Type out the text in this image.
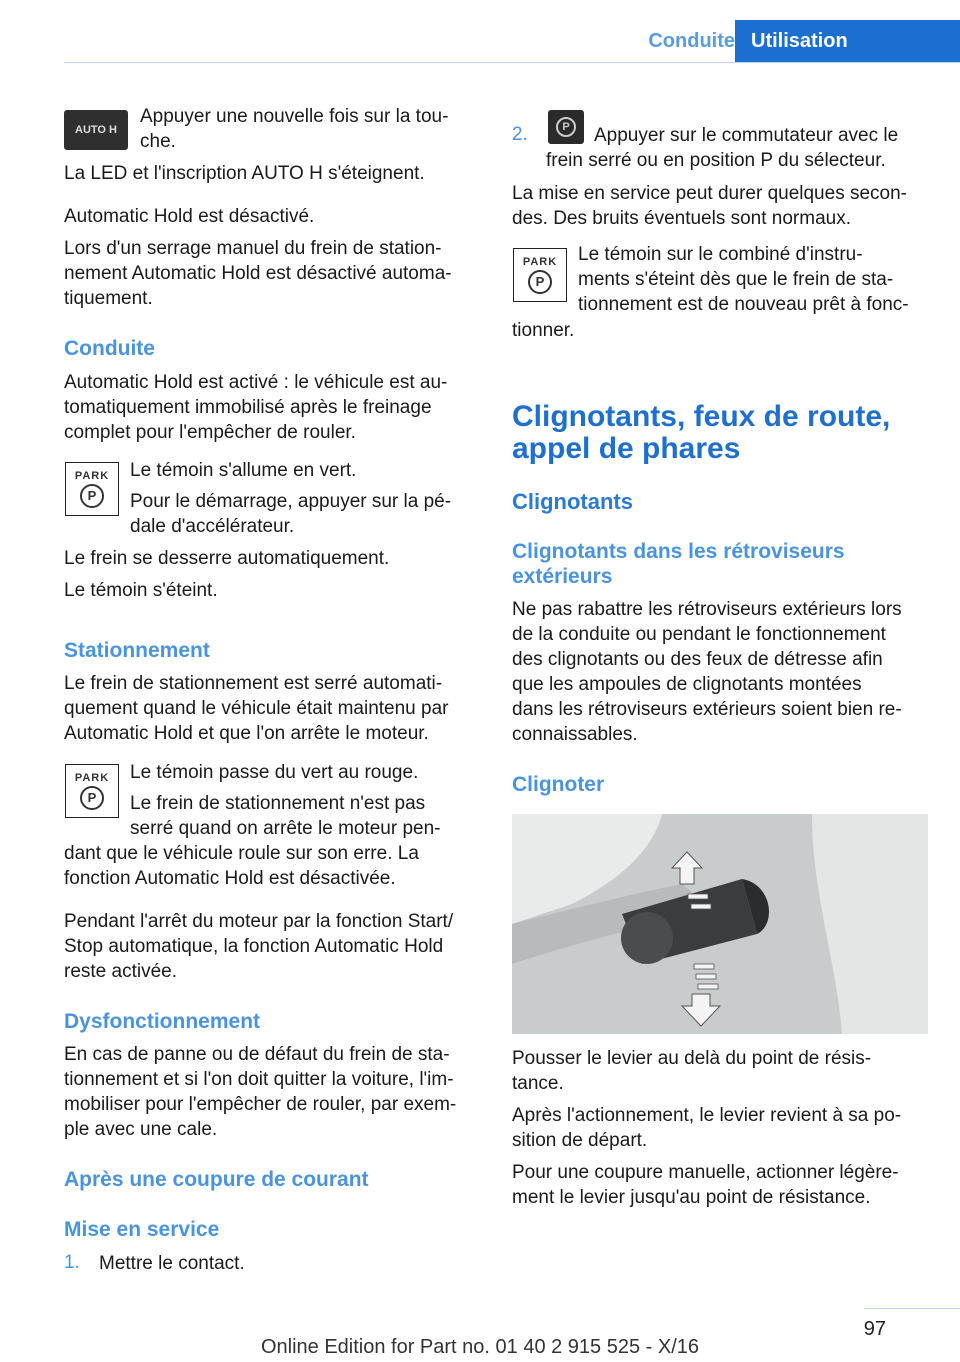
Conduite Utilisation
AUTO H

Appuyer une nouvelle fois sur la tou‐

che.

La LED et l'inscription AUTO H s'éteignent.

Automatic Hold est désactivé.

Lors d'un serrage manuel du frein de station‐

nement Automatic Hold est désactivé automa‐

tiquement.

Conduite

Automatic Hold est activé : le véhicule est au‐

tomatiquement immobilisé après le freinage

complet pour l'empêcher de rouler.

PARK
P

Le témoin s'allume en vert.

Pour le démarrage, appuyer sur la pé‐

dale d'accélérateur.

Le frein se desserre automatiquement.

Le témoin s'éteint.

Stationnement

Le frein de stationnement est serré automati‐

quement quand le véhicule était maintenu par

Automatic Hold et que l'on arrête le moteur.

PARK
P

Le témoin passe du vert au rouge.

Le frein de stationnement n'est pas

serré quand on arrête le moteur pen‐

dant que le véhicule roule sur son erre. La

fonction Automatic Hold est désactivée.

Pendant l'arrêt du moteur par la fonction Start/

Stop automatique, la fonction Automatic Hold

reste activée.

Dysfonctionnement

En cas de panne ou de défaut du frein de sta‐

tionnement et si l'on doit quitter la voiture, l'im‐

mobiliser pour l'empêcher de rouler, par exem‐

ple avec une cale.

Après une coupure de courant
Mise en service
1. Mettre le contact.

2.	P	Appuyer sur le commutateur avec le

frein serré ou en position P du sélecteur.

La mise en service peut durer quelques secon‐

des. Des bruits éventuels sont normaux.

PARK
P

Le témoin sur le combiné d'instru‐

ments s'éteint dès que le frein de sta‐

tionnement est de nouveau prêt à fonc‐

tionner.

Clignotants, feux de route,
appel de phares
Clignotants
Clignotants dans les rétroviseurs
extérieurs

Ne pas rabattre les rétroviseurs extérieurs lors

de la conduite ou pendant le fonctionnement

des clignotants ou des feux de détresse afin

que les ampoules de clignotants montées

dans les rétroviseurs extérieurs soient bien re‐

connaissables.

Clignoter

Pousser le levier au delà du point de résis‐

tance.

Après l'actionnement, le levier revient à sa po‐

sition de départ.

Pour une coupure manuelle, actionner légère‐

ment le levier jusqu'au point de résistance.

97
Online Edition for Part no. 01 40 2 915 525 - X/16
